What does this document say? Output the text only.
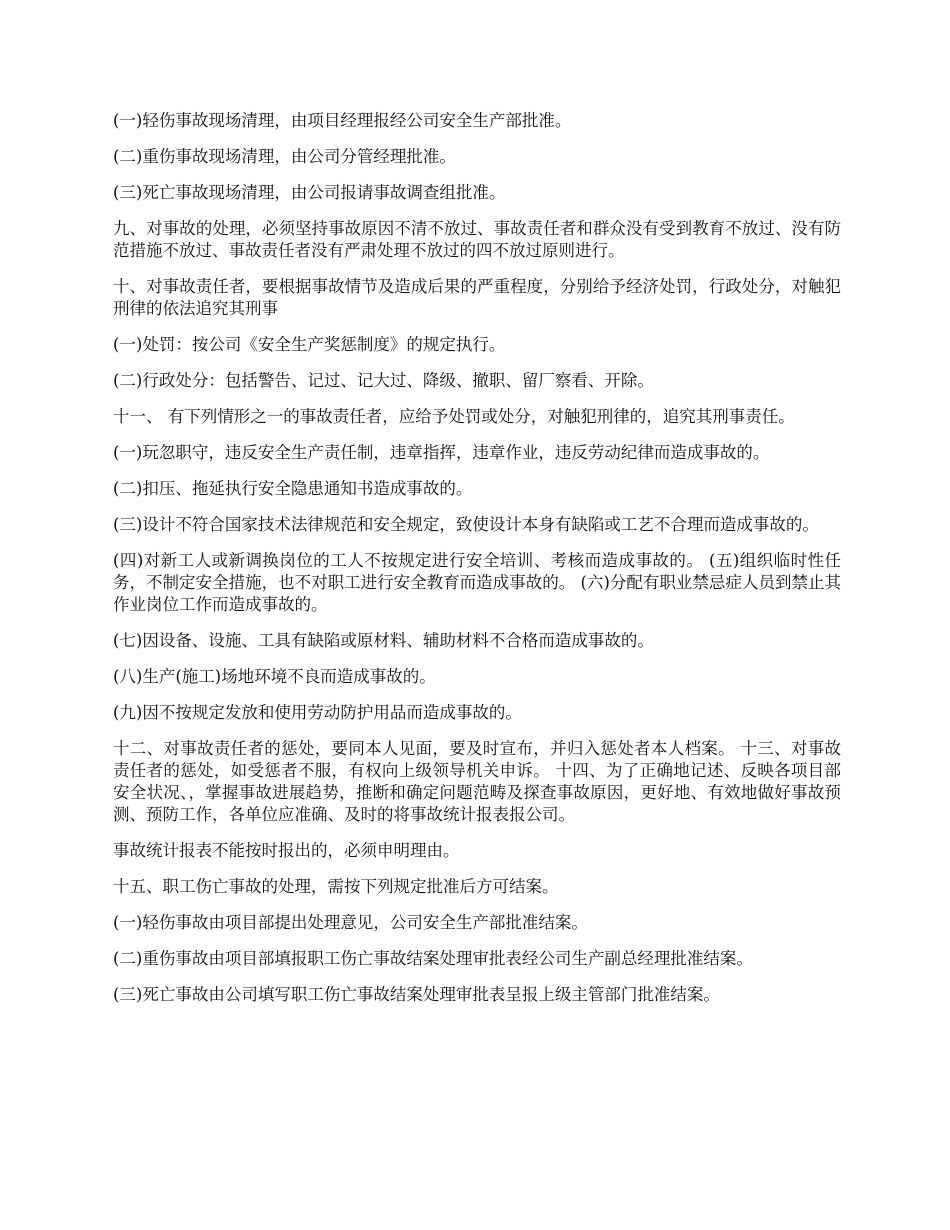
(一)轻伤事故现场清理，由项目经理报经公司安全生产部批准。

(二)重伤事故现场清理，由公司分管经理批准。

(三)死亡事故现场清理，由公司报请事故调查组批准。

九、对事故的处理，必须坚持事故原因不清不放过、事故责任者和群众没有受到教育不放过、没有防范措施不放过、事故责任者没有严肃处理不放过的四不放过原则进行。

十、对事故责任者，要根据事故情节及造成后果的严重程度，分别给予经济处罚，行政处分，对触犯刑律的依法追究其刑事

(一)处罚：按公司《安全生产奖惩制度》的规定执行。

(二)行政处分：包括警告、记过、记大过、降级、撤职、留厂察看、开除。

十一、 有下列情形之一的事故责任者，应给予处罚或处分，对触犯刑律的，追究其刑事责任。

(一)玩忽职守，违反安全生产责任制，违章指挥，违章作业，违反劳动纪律而造成事故的。

(二)扣压、拖延执行安全隐患通知书造成事故的。

(三)设计不符合国家技术法律规范和安全规定，致使设计本身有缺陷或工艺不合理而造成事故的。

(四)对新工人或新调换岗位的工人不按规定进行安全培训、考核而造成事故的。 (五)组织临时性任务，不制定安全措施，也不对职工进行安全教育而造成事故的。 (六)分配有职业禁忌症人员到禁止其作业岗位工作而造成事故的。

(七)因设备、设施、工具有缺陷或原材料、辅助材料不合格而造成事故的。

(八)生产(施工)场地环境不良而造成事故的。

(九)因不按规定发放和使用劳动防护用品而造成事故的。

十二、对事故责任者的惩处，要同本人见面，要及时宣布，并归入惩处者本人档案。 十三、对事故责任者的惩处，如受惩者不服，有权向上级领导机关申诉。 十四、为了正确地记述、反映各项目部安全状况、，掌握事故进展趋势，推断和确定问题范畴及探查事故原因，更好地、有效地做好事故预测、预防工作，各单位应准确、及时的将事故统计报表报公司。

事故统计报表不能按时报出的，必须申明理由。

十五、职工伤亡事故的处理，需按下列规定批准后方可结案。

(一)轻伤事故由项目部提出处理意见，公司安全生产部批准结案。

(二)重伤事故由项目部填报职工伤亡事故结案处理审批表经公司生产副总经理批准结案。

(三)死亡事故由公司填写职工伤亡事故结案处理审批表呈报上级主管部门批准结案。
